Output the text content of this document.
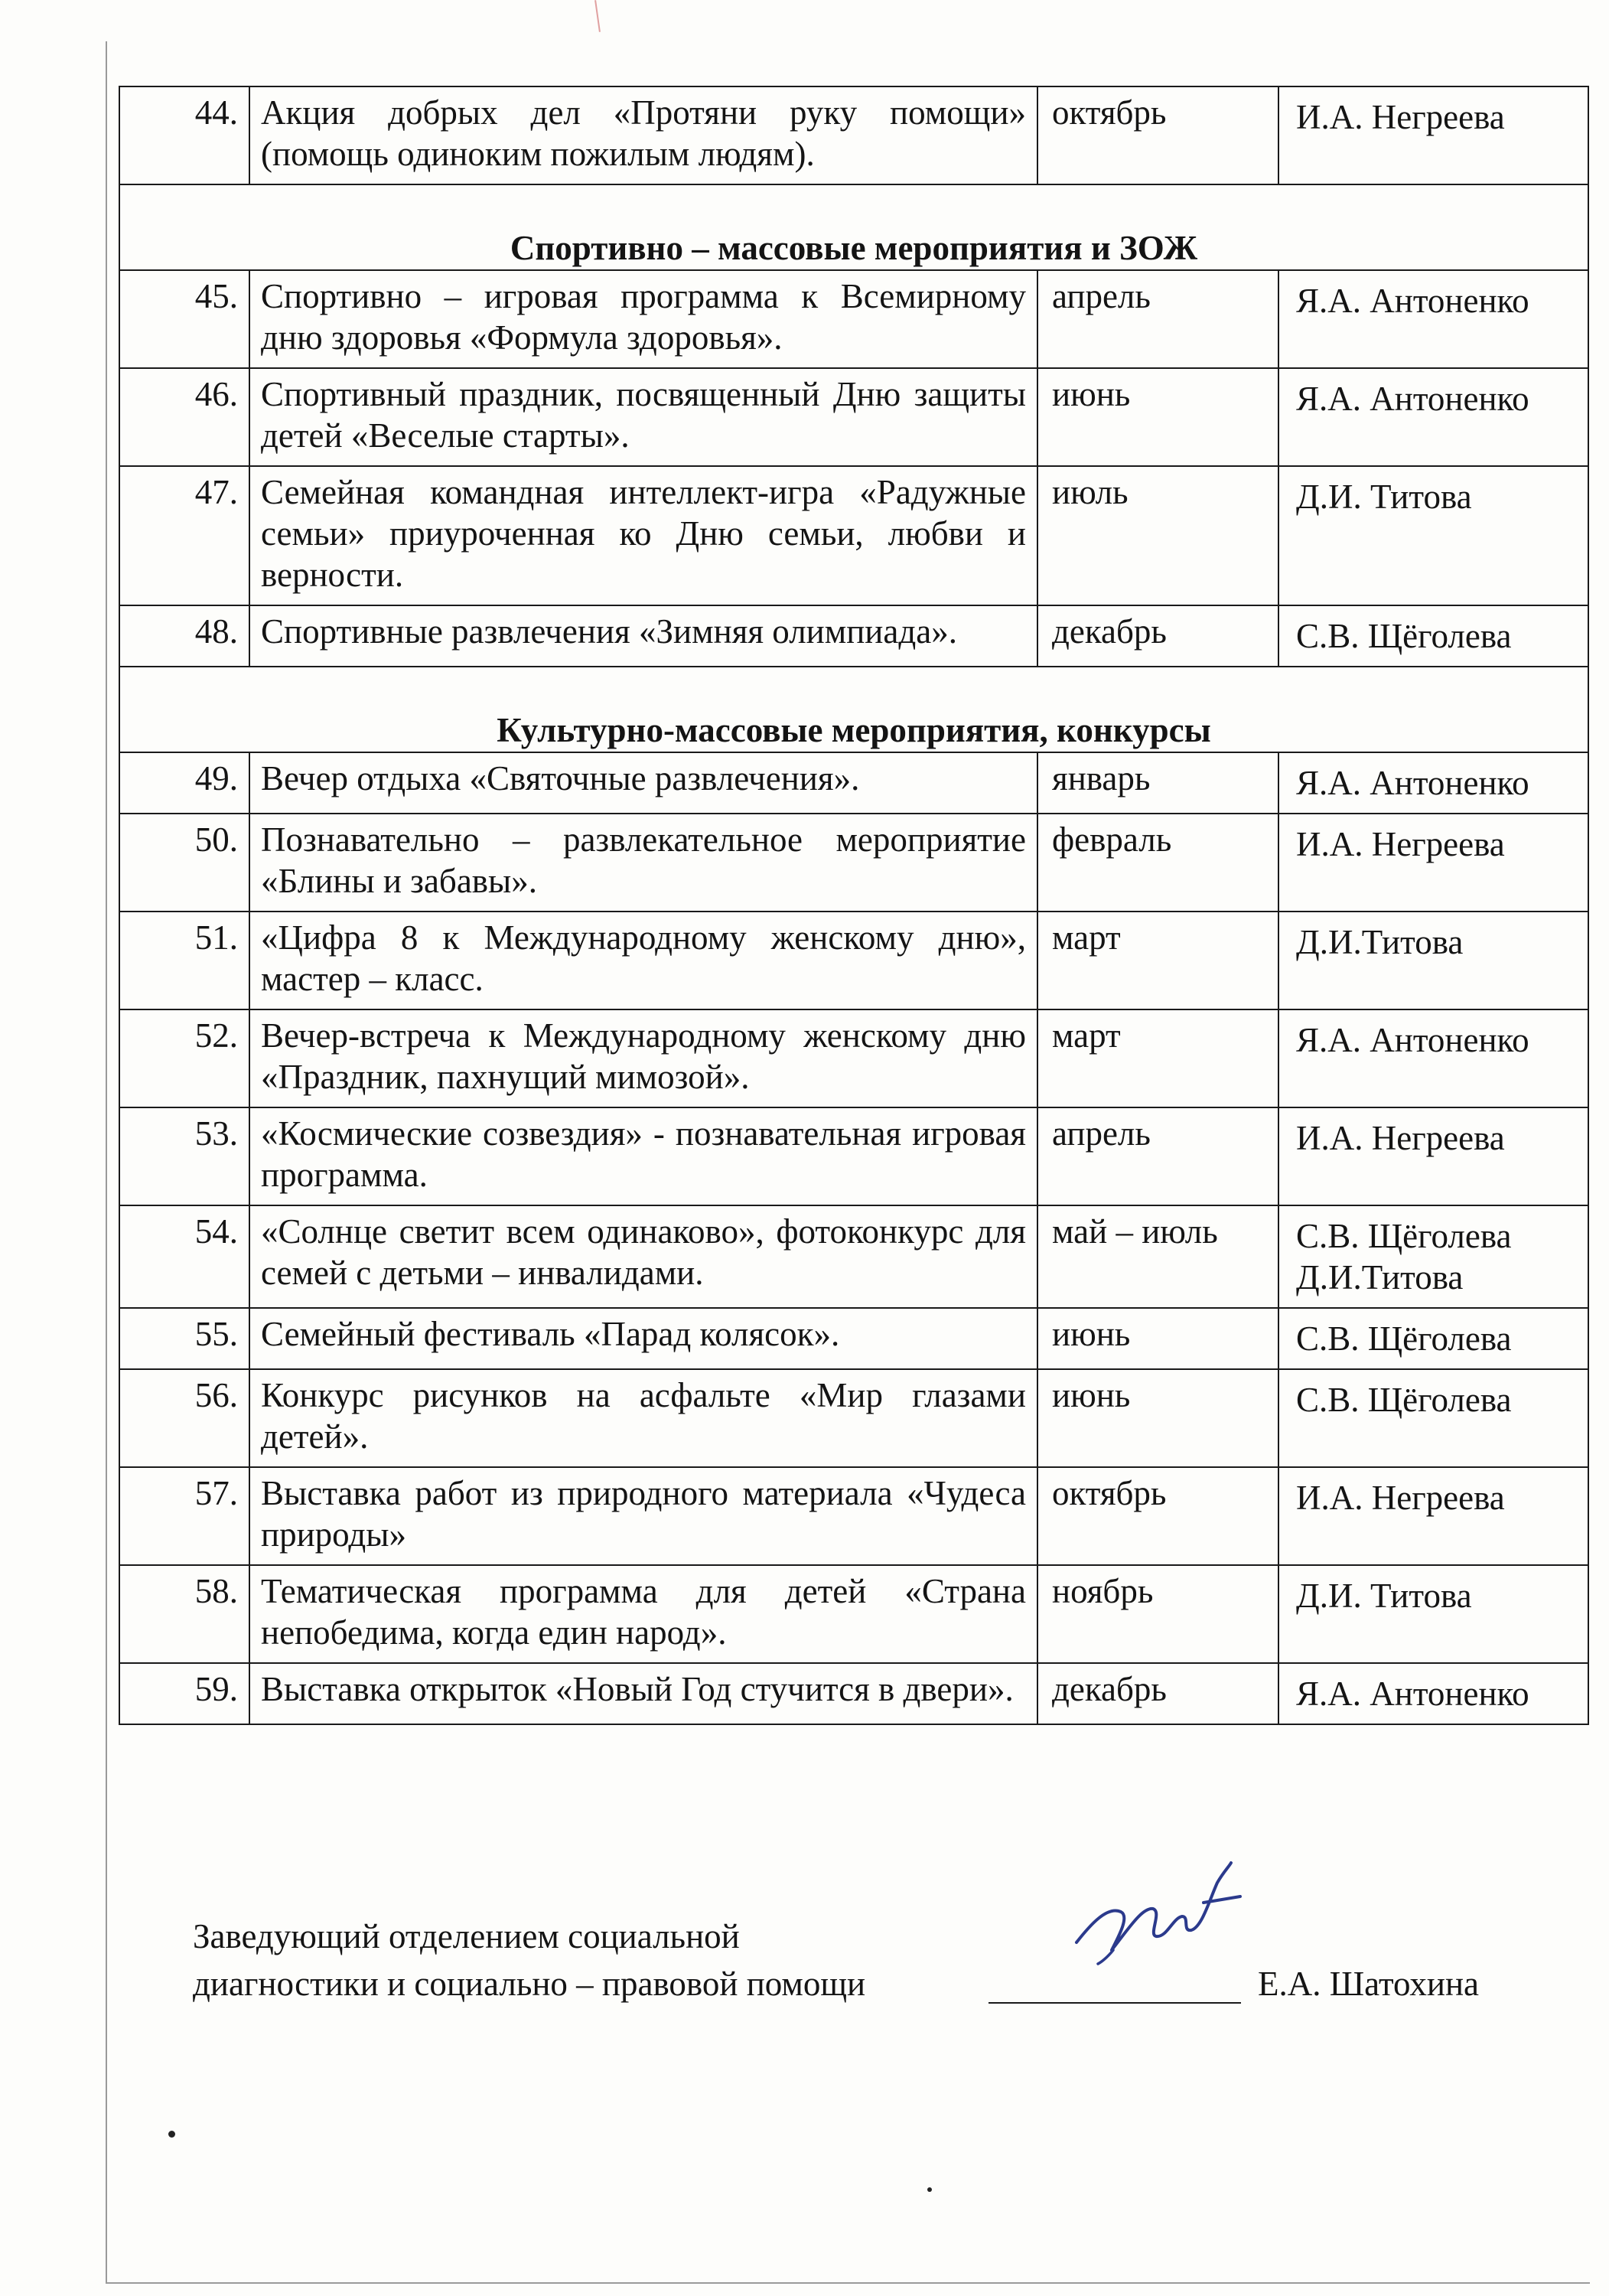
44.	Акция добрых дел «Протяни руку помощи» (помощь одиноким пожилым людям).	октябрь	И.А. Негреева
Спортивно – массовые мероприятия и ЗОЖ			
45.	Спортивно – игровая программа к Всемирному дню здоровья «Формула здоровья».	апрель	Я.А. Антоненко
46.	Спортивный праздник, посвященный Дню защиты детей «Веселые старты».	июнь	Я.А. Антоненко
47.	Семейная командная интеллект-игра «Радужные семьи» приуроченная ко Дню семьи, любви и верности.	июль	Д.И. Титова
48.	Спортивные развлечения «Зимняя олимпиада».	декабрь	С.В. Щёголева
Культурно-массовые мероприятия, конкурсы			
49.	Вечер отдыха «Святочные развлечения».	январь	Я.А. Антоненко
50.	Познавательно – развлекательное мероприятие «Блины и забавы».	февраль	И.А. Негреева
51.	«Цифра 8 к Международному женскому дню», мастер – класс.	март	Д.И.Титова
52.	Вечер-встреча к Международному женскому дню «Праздник, пахнущий мимозой».	март	Я.А. Антоненко
53.	«Космические созвездия» - познавательная игровая программа.	апрель	И.А. Негреева
54.	«Солнце светит всем одинаково», фотоконкурс для семей с детьми – инвалидами.	май – июль	С.В. Щёголева Д.И.Титова
55.	Семейный фестиваль «Парад колясок».	июнь	С.В. Щёголева
56.	Конкурс рисунков на асфальте «Мир глазами детей».	июнь	С.В. Щёголева
57.	Выставка работ из природного материала «Чудеса природы»	октябрь	И.А. Негреева
58.	Тематическая программа для детей «Страна непобедима, когда един народ».	ноябрь	Д.И. Титова
59.	Выставка открыток «Новый Год стучится в двери».	декабрь	Я.А. Антоненко
Заведующий отделением социальной
диагностики и социально – правовой помощи	Е.А. Шатохина
